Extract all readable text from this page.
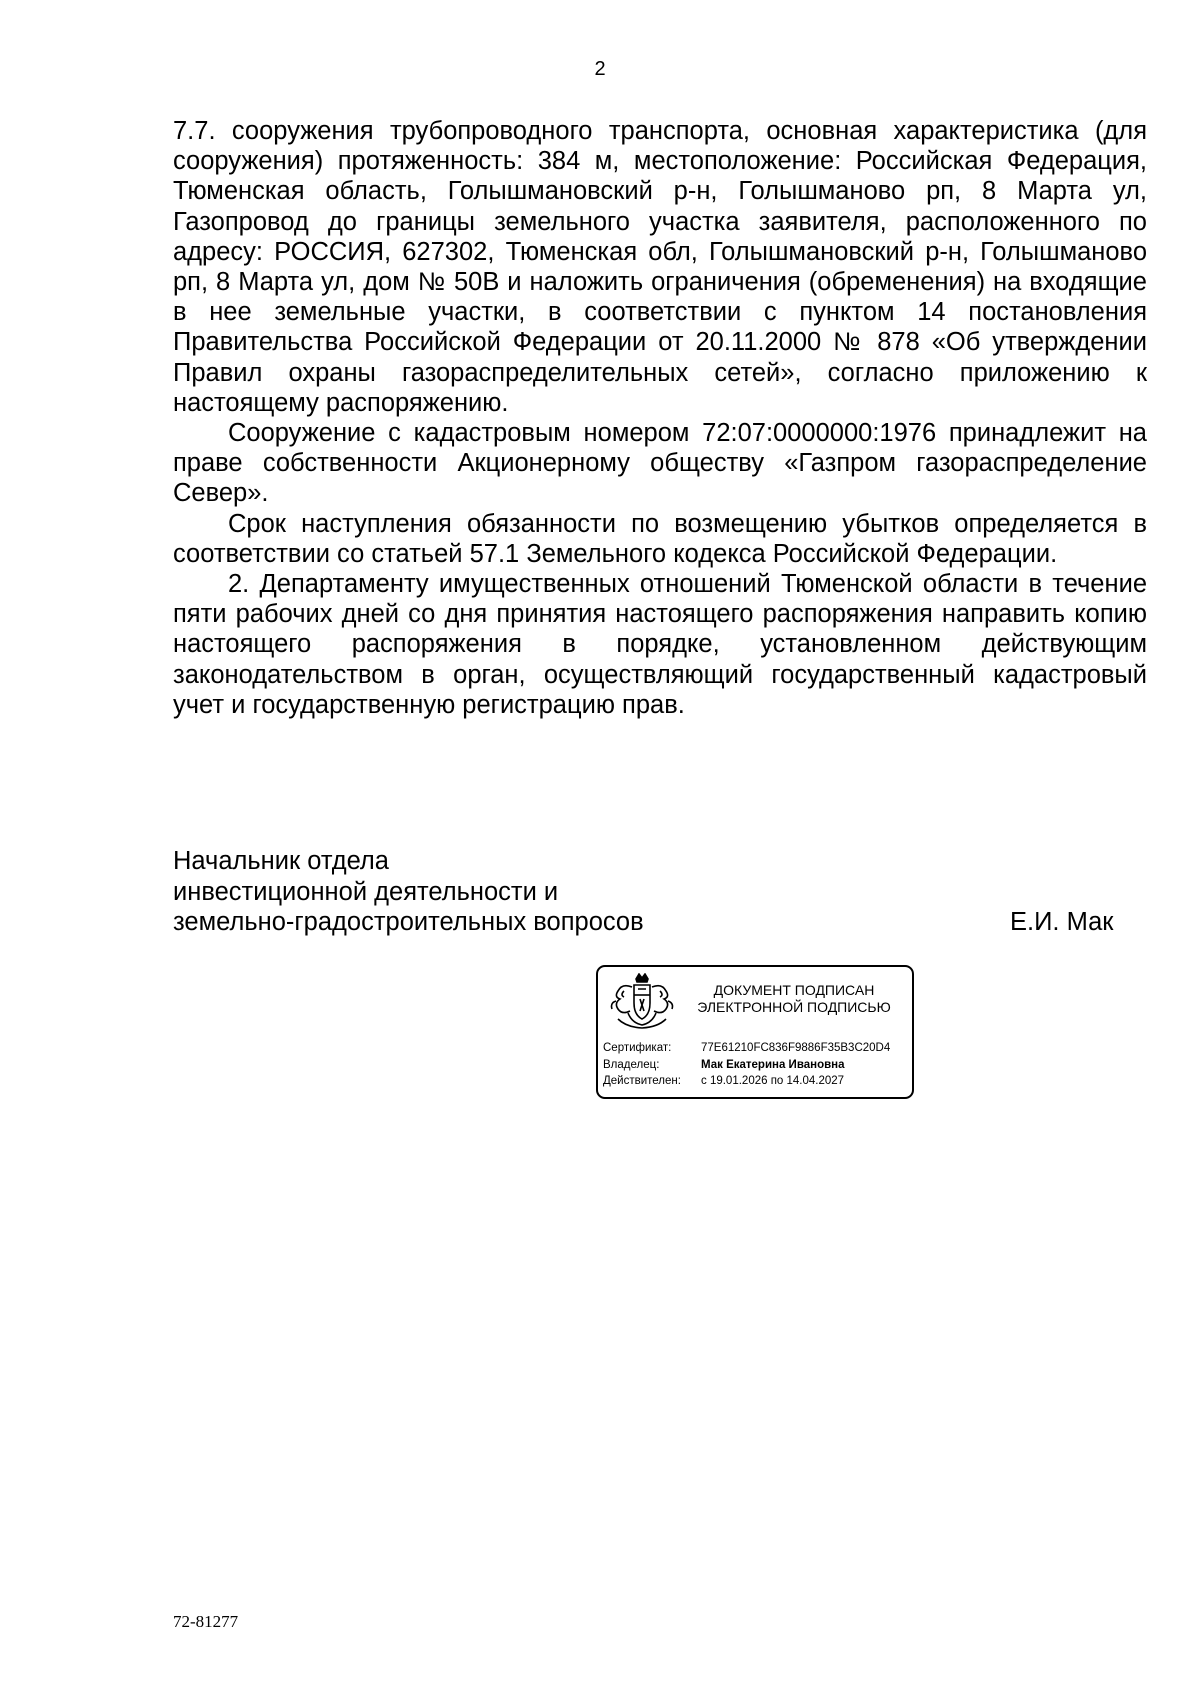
2

7.7. сооружения трубопроводного транспорта, основная характеристика (для сооружения) протяженность: 384 м, местоположение: Российская Федерация, Тюменская область, Голышмановский р-н, Голышманово рп, 8 Марта ул, Газопровод до границы земельного участка заявителя, расположенного по адресу: РОССИЯ, 627302, Тюменская обл, Голышмановский р-н, Голышманово рп, 8 Марта ул, дом № 50В и наложить ограничения (обременения) на входящие в нее земельные участки, в соответствии с пунктом 14 постановления Правительства Российской Федерации от 20.11.2000 № 878 «Об утверждении Правил охраны газораспределительных сетей», согласно приложению к настоящему распоряжению.

Сооружение с кадастровым номером 72:07:0000000:1976 принадлежит на праве собственности Акционерному обществу «Газпром газораспределение Север».

Срок наступления обязанности по возмещению убытков определяется в соответствии со статьей 57.1 Земельного кодекса Российской Федерации.

2. Департаменту имущественных отношений Тюменской области в течение пяти рабочих дней со дня принятия настоящего распоряжения направить копию настоящего распоряжения в порядке, установленном действующим законодательством в орган, осуществляющий государственный кадастровый учет и государственную регистрацию прав.

Начальник отдела
инвестиционной деятельности и
земельно-градостроительных вопросов	Е.И. Мак
ДОКУМЕНТ ПОДПИСАН
ЭЛЕКТРОННОЙ ПОДПИСЬЮ
Сертификат:	77E61210FC836F9886F35B3C20D4
Владелец:	Мак Екатерина Ивановна
Действителен:	с 19.01.2026 по 14.04.2027
72-81277
